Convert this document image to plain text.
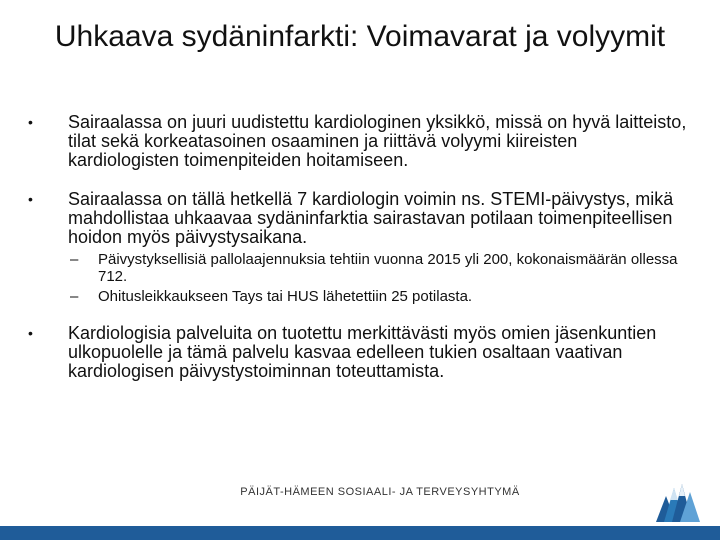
Uhkaava sydäninfarkti: Voimavarat ja volyymit
•	Sairaalassa on juuri uudistettu kardiologinen yksikkö, missä on hyvä laitteisto, tilat sekä korkeatasoinen osaaminen ja riittävä volyymi kiireisten kardiologisten toimenpiteiden hoitamiseen.
•	Sairaalassa on tällä hetkellä 7 kardiologin voimin ns. STEMI-päivystys, mikä mahdollistaa uhkaavaa sydäninfarktia sairastavan potilaan toimenpiteellisen hoidon myös päivystysaikana.
–	Päivystyksellisiä pallolaajennuksia tehtiin vuonna 2015 yli 200, kokonaismäärän ollessa 712.
–	Ohitusleikkaukseen Tays tai HUS lähetettiin 25 potilasta.
•	Kardiologisia palveluita on tuotettu merkittävästi myös omien jäsenkuntien ulkopuolelle ja tämä palvelu kasvaa edelleen tukien osaltaan vaativan kardiologisen päivystystoiminnan toteuttamista.
PÄIJÄT-HÄMEEN SOSIAALI- JA TERVEYSYHTYMÄ
